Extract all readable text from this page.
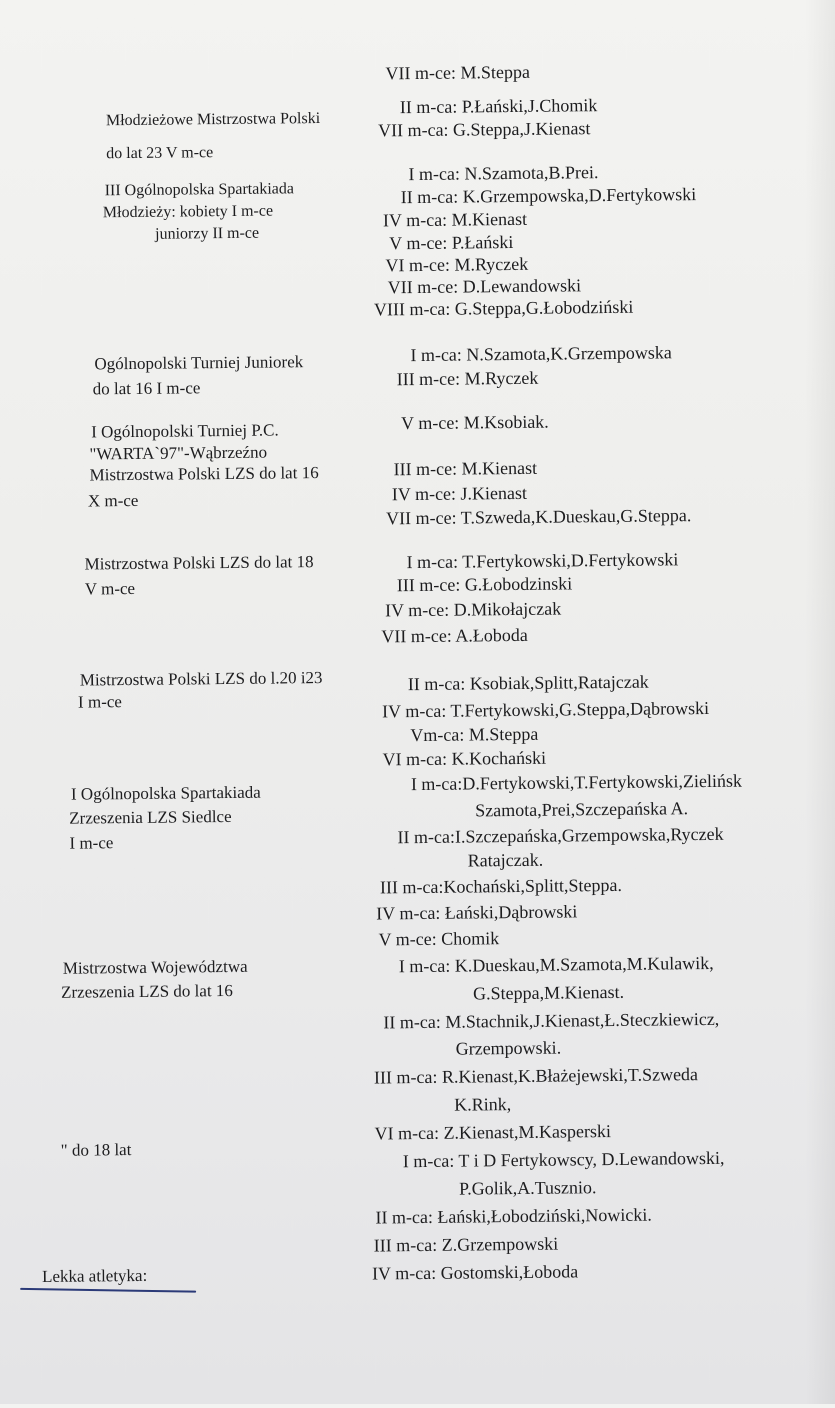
Młodzieżowe Mistrzostwa Polski
do lat 23 V m-ce
III Ogólnopolska Spartakiada
Młodzieży: kobiety I m-ce
juniorzy II m-ce
Ogólnopolski Turniej Juniorek
do lat 16 I m-ce
I Ogólnopolski Turniej P.C.
"WARTA`97"-Wąbrzeźno
Mistrzostwa Polski LZS do lat 16
X m-ce
Mistrzostwa Polski LZS do lat 18
V m-ce
Mistrzostwa Polski LZS do l.20 i23
I m-ce
I Ogólnopolska Spartakiada
Zrzeszenia LZS Siedlce
I m-ce
Mistrzostwa Województwa
Zrzeszenia LZS do lat 16
" do 18 lat
Lekka atletyka:
VII m-ce: M.Steppa
II m-ca: P.Łański,J.Chomik
VII m-ca: G.Steppa,J.Kienast
I m-ca: N.Szamota,B.Prei.
II m-ca: K.Grzempowska,D.Fertykowski
IV m-ca: M.Kienast
V m-ce: P.Łański
VI m-ce: M.Ryczek
VII m-ce: D.Lewandowski
VIII m-ca: G.Steppa,G.Łobodziński
I m-ca: N.Szamota,K.Grzempowska
III m-ce: M.Ryczek
V m-ce: M.Ksobiak.
III m-ce: M.Kienast
IV m-ce: J.Kienast
VII m-ce: T.Szweda,K.Dueskau,G.Steppa.
I m-ca: T.Fertykowski,D.Fertykowski
III m-ce: G.Łobodzinski
IV m-ce: D.Mikołajczak
VII m-ce: A.Łoboda
II m-ca: Ksobiak,Splitt,Ratajczak
IV m-ca: T.Fertykowski,G.Steppa,Dąbrowski
Vm-ca: M.Steppa
VI m-ca: K.Kochański
I m-ca:D.Fertykowski,T.Fertykowski,Zielińsk
Szamota,Prei,Szczepańska A.
II m-ca:I.Szczepańska,Grzempowska,Ryczek
Ratajczak.
III m-ca:Kochański,Splitt,Steppa.
IV m-ca: Łański,Dąbrowski
V m-ce: Chomik
I m-ca: K.Dueskau,M.Szamota,M.Kulawik,
G.Steppa,M.Kienast.
II m-ca: M.Stachnik,J.Kienast,Ł.Steczkiewicz,
Grzempowski.
III m-ca: R.Kienast,K.Błażejewski,T.Szweda
K.Rink,
VI m-ca: Z.Kienast,M.Kasperski
I m-ca: T i D Fertykowscy, D.Lewandowski,
P.Golik,A.Tusznio.
II m-ca: Łański,Łobodziński,Nowicki.
III m-ca: Z.Grzempowski
IV m-ca: Gostomski,Łoboda
